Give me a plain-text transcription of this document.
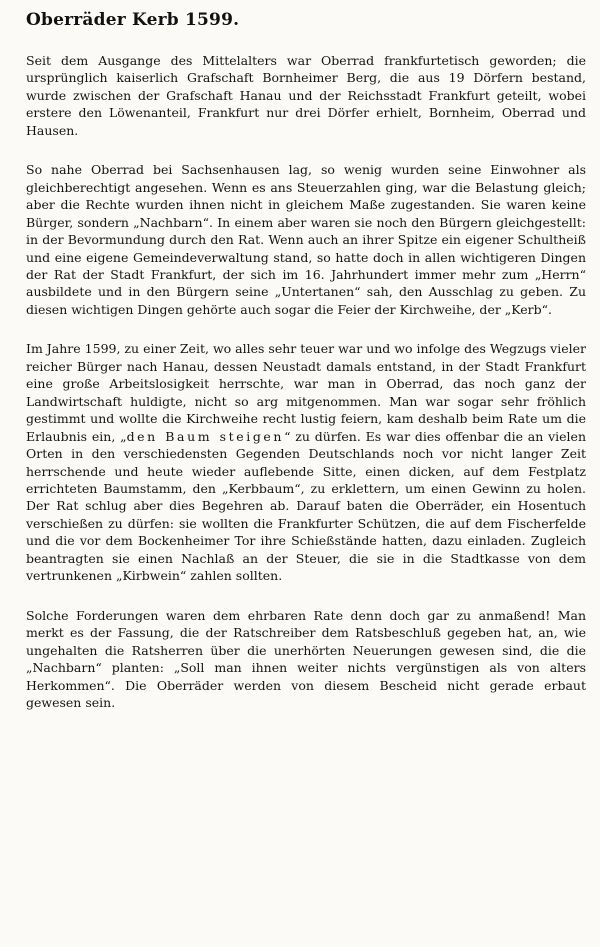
Oberräder Kerb 1599.

Seit dem Ausgange des Mittelalters war Oberrad frankfurtetisch geworden; die ursprünglich kaiserlich Grafschaft Bornheimer Berg, die aus 19 Dörfern bestand, wurde zwischen der Grafschaft Hanau und der Reichsstadt Frankfurt geteilt, wobei erstere den Löwenanteil, Frankfurt nur drei Dörfer erhielt, Bornheim, Oberrad und Hausen.

So nahe Oberrad bei Sachsenhausen lag, so wenig wurden seine Einwohner als gleichberechtigt angesehen. Wenn es ans Steuerzahlen ging, war die Belastung gleich; aber die Rechte wurden ihnen nicht in gleichem Maße zugestanden. Sie waren keine Bürger, sondern „Nachbarn“. In einem aber waren sie noch den Bürgern gleichgestellt: in der Bevormundung durch den Rat. Wenn auch an ihrer Spitze ein eigener Schultheiß und eine eigene Gemeindeverwaltung stand, so hatte doch in allen wichtigeren Dingen der Rat der Stadt Frankfurt, der sich im 16. Jahrhundert immer mehr zum „Herrn“ ausbildete und in den Bürgern seine „Untertanen“ sah, den Ausschlag zu geben. Zu diesen wichtigen Dingen gehörte auch sogar die Feier der Kirchweihe, der „Kerb“.

Im Jahre 1599, zu einer Zeit, wo alles sehr teuer war und wo infolge des Wegzugs vieler reicher Bürger nach Hanau, dessen Neustadt damals entstand, in der Stadt Frankfurt eine große Arbeitslosigkeit herrschte, war man in Oberrad, das noch ganz der Landwirtschaft huldigte, nicht so arg mitgenommen. Man war sogar sehr fröhlich gestimmt und wollte die Kirchweihe recht lustig feiern, kam deshalb beim Rate um die Erlaubnis ein, „den Baum steigen“ zu dürfen. Es war dies offenbar die an vielen Orten in den verschiedensten Gegenden Deutschlands noch vor nicht langer Zeit herrschende und heute wieder auflebende Sitte, einen dicken, auf dem Festplatz errichteten Baumstamm, den „Kerbbaum“, zu erklettern, um einen Gewinn zu holen. Der Rat schlug aber dies Begehren ab. Darauf baten die Oberräder, ein Hosentuch verschießen zu dürfen: sie wollten die Frankfurter Schützen, die auf dem Fischerfelde und die vor dem Bockenheimer Tor ihre Schießstände hatten, dazu einladen. Zugleich beantragten sie einen Nachlaß an der Steuer, die sie in die Stadtkasse von dem vertrunkenen „Kirbwein“ zahlen sollten.

Solche Forderungen waren dem ehrbaren Rate denn doch gar zu anmaßend! Man merkt es der Fassung, die der Ratschreiber dem Ratsbeschluß gegeben hat, an, wie ungehalten die Ratsherren über die unerhörten Neuerungen gewesen sind, die die „Nachbarn“ planten: „Soll man ihnen weiter nichts vergünstigen als von alters Herkommen“. Die Oberräder werden von diesem Bescheid nicht gerade erbaut gewesen sein.
